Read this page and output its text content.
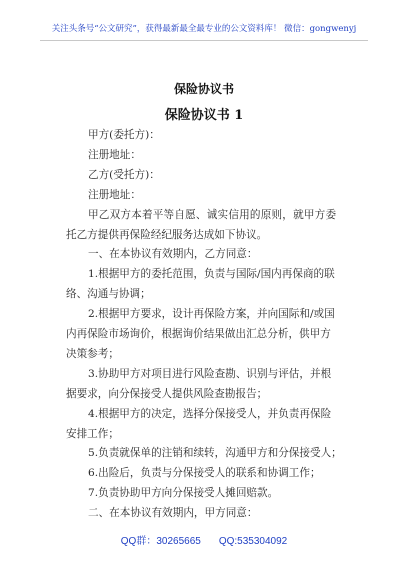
关注头条号“公文研究”，获得最新最全最专业的公文资料库！ 微信：gongwenyj
保险协议书
保险协议书 1
甲方(委托方)：
注册地址：
乙方(受托方)：
注册地址：
甲乙双方本着平等自愿、诚实信用的原则，就甲方委
托乙方提供再保险经纪服务达成如下协议。
一、在本协议有效期内，乙方同意：
1.根据甲方的委托范围，负责与国际/国内再保商的联
络、沟通与协调；
2.根据甲方要求，设计再保险方案，并向国际和/或国
内再保险市场询价，根据询价结果做出汇总分析，供甲方
决策参考；
3.协助甲方对项目进行风险查勘、识别与评估，并根
据要求，向分保接受人提供风险查勘报告；
4.根据甲方的决定，选择分保接受人，并负责再保险
安排工作；
5.负责就保单的注销和续转，沟通甲方和分保接受人；
QQ群：30265665 QQ:535304092
6.出险后，负责与分保接受人的联系和协调工作；
7.负责协助甲方向分保接受人摊回赔款。
二、在本协议有效期内，甲方同意：
